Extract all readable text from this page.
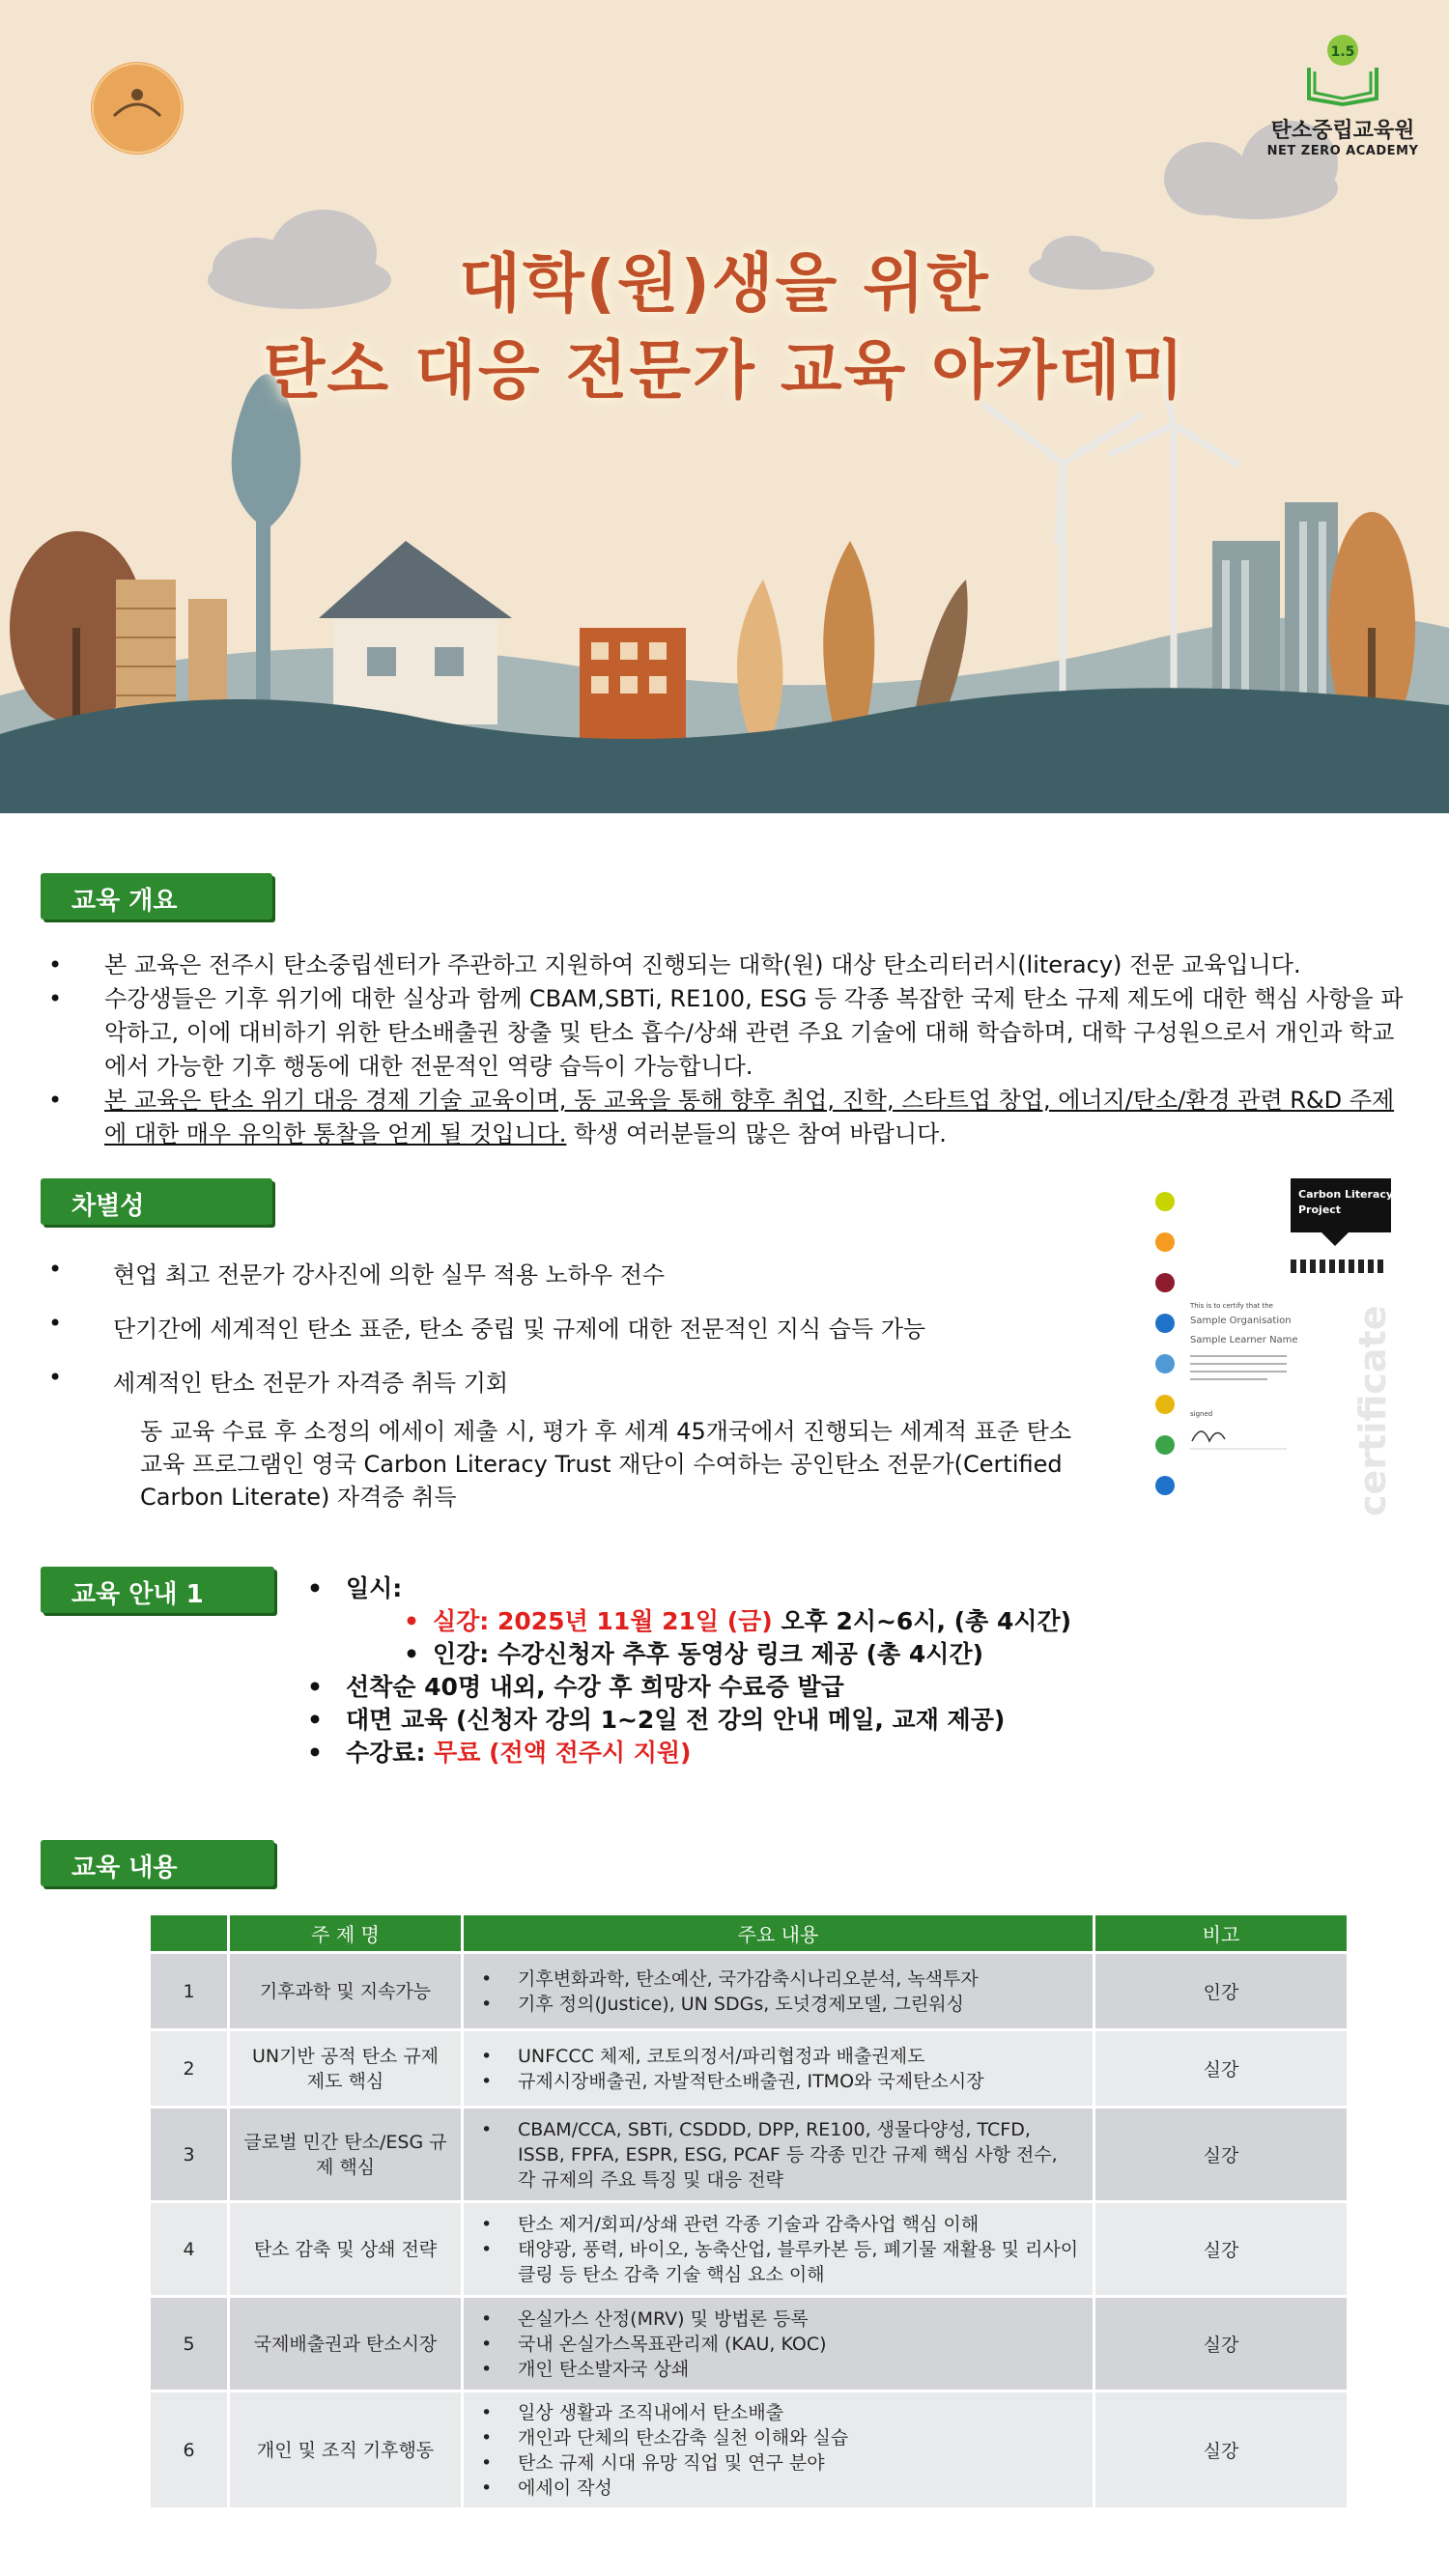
1.5
탄소중립교육원
NET ZERO ACADEMY
대학(원)생을 위한
탄소 대응 전문가 교육 아카데미
교육 개요
• 본 교육은 전주시 탄소중립센터가 주관하고 지원하여 진행되는 대학(원) 대상 탄소리터러시(literacy) 전문 교육입니다.
• 수강생들은 기후 위기에 대한 실상과 함께 CBAM,SBTi, RE100, ESG 등 각종 복잡한 국제 탄소 규제 제도에 대한 핵심 사항을 파악하고, 이에 대비하기 위한 탄소배출권 창출 및 탄소 흡수/상쇄 관련 주요 기술에 대해 학습하며, 대학 구성원으로서 개인과 학교에서 가능한 기후 행동에 대한 전문적인 역량 습득이 가능합니다.
• 본 교육은 탄소 위기 대응 경제 기술 교육이며, 동 교육을 통해 향후 취업, 진학, 스타트업 창업, 에너지/탄소/환경 관련 R&D 주제에 대한 매우 유익한 통찰을 얻게 될 것입니다. 학생 여러분들의 많은 참여 바랍니다.
차별성
• 현업 최고 전문가 강사진에 의한 실무 적용 노하우 전수
• 단기간에 세계적인 탄소 표준, 탄소 중립 및 규제에 대한 전문적인 지식 습득 가능
• 세계적인 탄소 전문가 자격증 취득 기회
동 교육 수료 후 소정의 에세이 제출 시, 평가 후 세계 45개국에서 진행되는 세계적 표준 탄소 교육 프로그램인 영국 Carbon Literacy Trust 재단이 수여하는 공인탄소 전문가(Certified Carbon Literate) 자격증 취득
Carbon Literacy
Project
This is to certify that the
Sample Organisation
Sample Learner Name
signed	certificate
교육 안내 1	• 일시:
• 실강: 2025년 11월 21일 (금) 오후 2시~6시, (총 4시간)
• 인강: 수강신청자 추후 동영상 링크 제공 (총 4시간)
• 선착순 40명 내외, 수강 후 희망자 수료증 발급
• 대면 교육 (신청자 강의 1~2일 전 강의 안내 메일, 교재 제공)
• 수강료: 무료 (전액 전주시 지원)
교육 내용
	주 제 명	주요 내용	비고
1	기후과학 및 지속가능	• 기후변화과학, 탄소예산, 국가감축시나리오분석, 녹색투자
• 기후 정의(Justice), UN SDGs, 도넛경제모델, 그린워싱	인강
2	UN기반 공적 탄소 규제 제도 핵심	• UNFCCC 체제, 코토의정서/파리협정과 배출권제도
• 규제시장배출권, 자발적탄소배출권, ITMO와 국제탄소시장	실강
3	글로벌 민간 탄소/ESG 규제 핵심	• CBAM/CCA, SBTi, CSDDD, DPP, RE100, 생물다양성, TCFD, ISSB, FPFA, ESPR, ESG, PCAF 등 각종 민간 규제 핵심 사항 전수, 각 규제의 주요 특징 및 대응 전략	실강
4	탄소 감축 및 상쇄 전략	• 탄소 제거/회피/상쇄 관련 각종 기술과 감축사업 핵심 이해
• 태양광, 풍력, 바이오, 농축산업, 블루카본 등, 폐기물 재활용 및 리사이클링 등 탄소 감축 기술 핵심 요소 이해	실강
5	국제배출권과 탄소시장	• 온실가스 산정(MRV) 및 방법론 등록
• 국내 온실가스목표관리제 (KAU, KOC)
• 개인 탄소발자국 상쇄	실강
6	개인 및 조직 기후행동	• 일상 생활과 조직내에서 탄소배출
• 개인과 단체의 탄소감축 실천 이해와 실습
• 탄소 규제 시대 유망 직업 및 연구 분야
• 에세이 작성	실강
